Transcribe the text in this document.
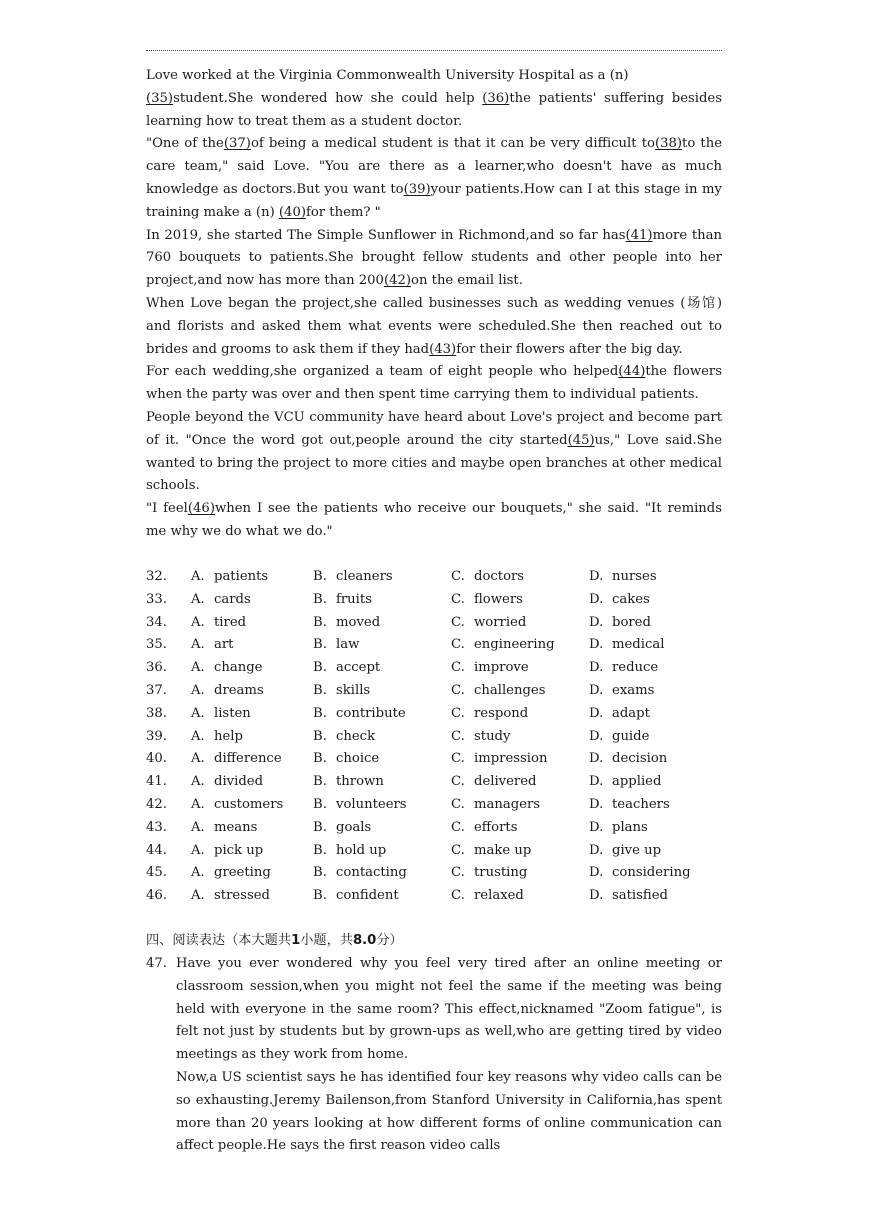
Love worked at the Virginia Commonwealth University Hospital as a (n)
(35)student.She wondered how she could help (36)the patients' suffering besides learning how to treat them as a student doctor.

"One of the(37)of being a medical student is that it can be very difficult to(38)to the care team," said Love. "You are there as a learner,who doesn't have as much knowledge as doctors.But you want to(39)your patients.How can I at this stage in my training make a (n) (40)for them? "

In 2019, she started The Simple Sunflower in Richmond,and so far has(41)more than 760 bouquets to patients.She brought fellow students and other people into her project,and now has more than 200(42)on the email list.

When Love began the project,she called businesses such as wedding venues (场馆) and florists and asked them what events were scheduled.She then reached out to brides and grooms to ask them if they had(43)for their flowers after the big day.

For each wedding,she organized a team of eight people who helped(44)the flowers when the party was over and then spent time carrying them to individual patients.

People beyond the VCU community have heard about Love's project and become part of it. "Once the word got out,people around the city started(45)us," Love said.She wanted to bring the project to more cities and maybe open branches at other medical schools.

"I feel(46)when I see the patients who receive our bouquets," she said. "It reminds me why we do what we do."

32.	A. patients	B. cleaners	C. doctors	D. nurses
33.	A. cards	B. fruits	C. flowers	D. cakes
34.	A. tired	B. moved	C. worried	D. bored
35.	A. art	B. law	C. engineering	D. medical
36.	A. change	B. accept	C. improve	D. reduce
37.	A. dreams	B. skills	C. challenges	D. exams
38.	A. listen	B. contribute	C. respond	D. adapt
39.	A. help	B. check	C. study	D. guide
40.	A. difference B. choice	C. impression	D. decision
41.	A. divided	B. thrown	C. delivered	D. applied
42.	A. customers B. volunteers	C. managers	D. teachers
43.	A. means	B. goals	C. efforts	D. plans
44.	A. pick up	B. hold up	C. make up	D. give up
45.	A. greeting	B. contacting	C. trusting	D. considering
46.	A. stressed	B. confident	C. relaxed	D. satisfied
四、阅读表达（本大题共1小题，共8.0分）
47. Have you ever wondered why you feel very tired after an online meeting or classroom session,when you might not feel the same if the meeting was being held with everyone in the same room? This effect,nicknamed "Zoom fatigue", is felt not just by students but by grown-ups as well,who are getting tired by video meetings as they work from home.

Now,a US scientist says he has identified four key reasons why video calls can be so exhausting.Jeremy Bailenson,from Stanford University in California,has spent more than 20 years looking at how different forms of online communication can affect people.He says the first reason video calls
